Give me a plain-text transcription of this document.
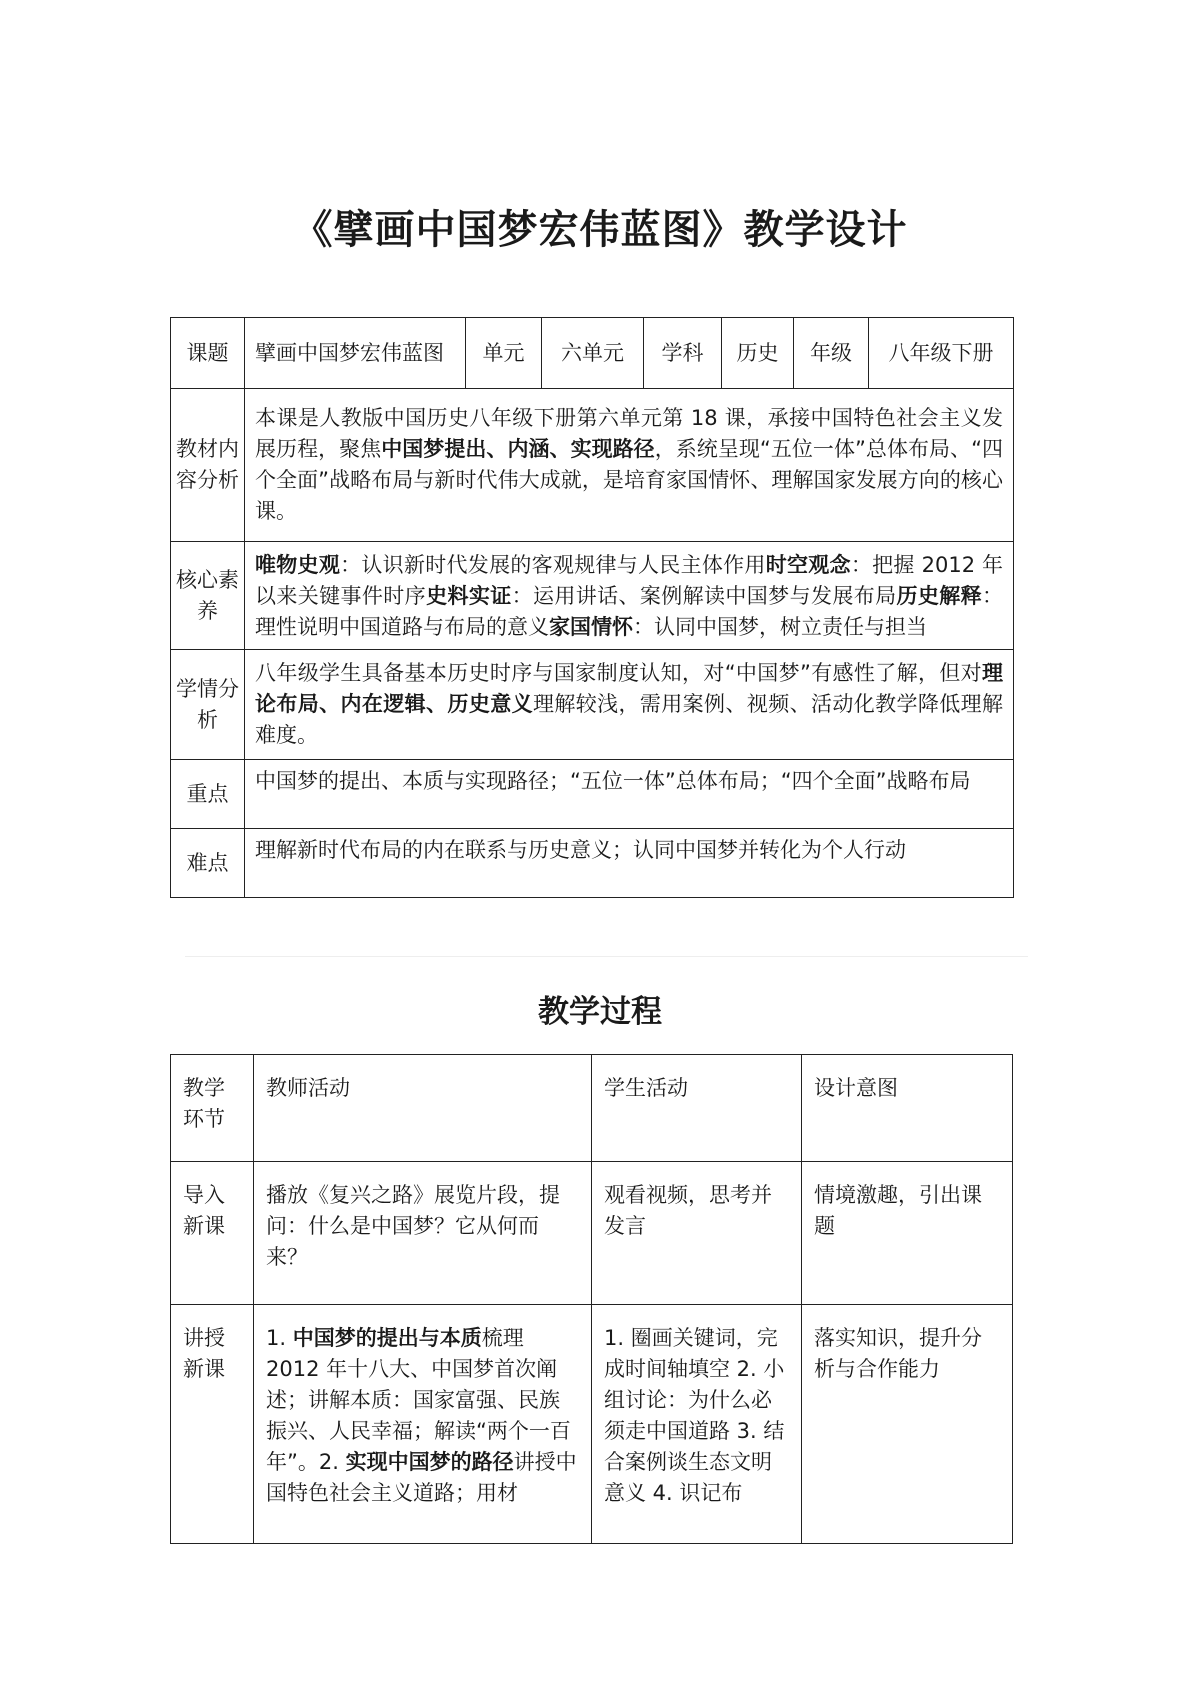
《擘画中国梦宏伟蓝图》教学设计
课题	擘画中国梦宏伟蓝图	单元	六单元	学科	历史	年级	八年级下册
教材内容分析	本课是人教版中国历史八年级下册第六单元第 18 课，承接中国特色社会主义发展历程，聚焦中国梦提出、内涵、实现路径，系统呈现“五位一体”总体布局、“四个全面”战略布局与新时代伟大成就，是培育家国情怀、理解国家发展方向的核心课。						
核心素养	唯物史观：认识新时代发展的客观规律与人民主体作用时空观念：把握 2012 年以来关键事件时序史料实证：运用讲话、案例解读中国梦与发展布局历史解释：理性说明中国道路与布局的意义家国情怀：认同中国梦，树立责任与担当						
学情分析	八年级学生具备基本历史时序与国家制度认知，对“中国梦”有感性了解，但对理论布局、内在逻辑、历史意义理解较浅，需用案例、视频、活动化教学降低理解难度。						
重点	中国梦的提出、本质与实现路径；“五位一体”总体布局；“四个全面”战略布局						
难点	理解新时代布局的内在联系与历史意义；认同中国梦并转化为个人行动						
教学过程
教学环节	教师活动	学生活动	设计意图
导入新课	播放《复兴之路》展览片段，提问：什么是中国梦？它从何而来？	观看视频，思考并发言	情境激趣，引出课题
讲授新课	1. 中国梦的提出与本质梳理 2012 年十八大、中国梦首次阐述；讲解本质：国家富强、民族振兴、人民幸福；解读“两个一百年”。2. 实现中国梦的路径讲授中国特色社会主义道路；用材	1. 圈画关键词，完成时间轴填空 2. 小组讨论：为什么必须走中国道路 3. 结合案例谈生态文明意义 4. 识记布	落实知识，提升分析与合作能力
